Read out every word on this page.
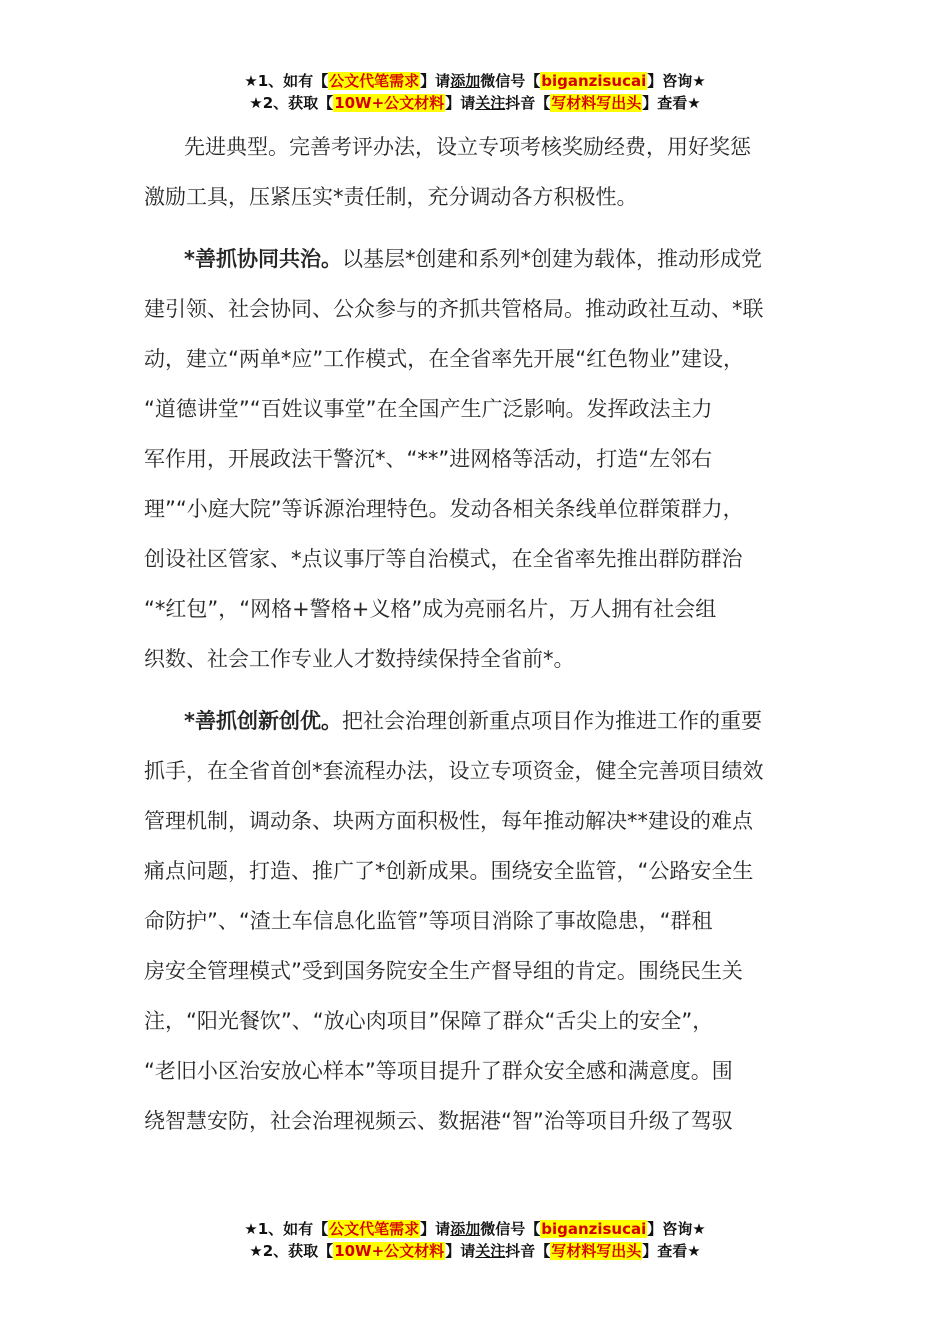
★1、如有【公文代笔需求】请添加微信号【biganzisucai】咨询★
★2、获取【10W+公文材料】请关注抖音【写材料写出头】查看★
先进典型。完善考评办法，设立专项考核奖励经费，用好奖惩
激励工具，压紧压实*责任制，充分调动各方积极性。
*善抓协同共治。以基层*创建和系列*创建为载体，推动形成党
建引领、社会协同、公众参与的齐抓共管格局。推动政社互动、*联
动，建立“两单*应”工作模式，在全省率先开展“红色物业”建设，
“道德讲堂”“百姓议事堂”在全国产生广泛影响。发挥政法主力
军作用，开展政法干警沉*、“**”进网格等活动，打造“左邻右
理”“小庭大院”等诉源治理特色。发动各相关条线单位群策群力，
创设社区管家、*点议事厅等自治模式，在全省率先推出群防群治
“*红包”，“网格+警格+义格”成为亮丽名片，万人拥有社会组
织数、社会工作专业人才数持续保持全省前*。
*善抓创新创优。把社会治理创新重点项目作为推进工作的重要
抓手，在全省首创*套流程办法，设立专项资金，健全完善项目绩效
管理机制，调动条、块两方面积极性，每年推动解决**建设的难点
痛点问题，打造、推广了*创新成果。围绕安全监管，“公路安全生
命防护”、“渣土车信息化监管”等项目消除了事故隐患，“群租
房安全管理模式”受到国务院安全生产督导组的肯定。围绕民生关
注，“阳光餐饮”、“放心肉项目”保障了群众“舌尖上的安全”，
“老旧小区治安放心样本”等项目提升了群众安全感和满意度。围
绕智慧安防，社会治理视频云、数据港“智”治等项目升级了驾驭
★1、如有【公文代笔需求】请添加微信号【biganzisucai】咨询★
★2、获取【10W+公文材料】请关注抖音【写材料写出头】查看★
